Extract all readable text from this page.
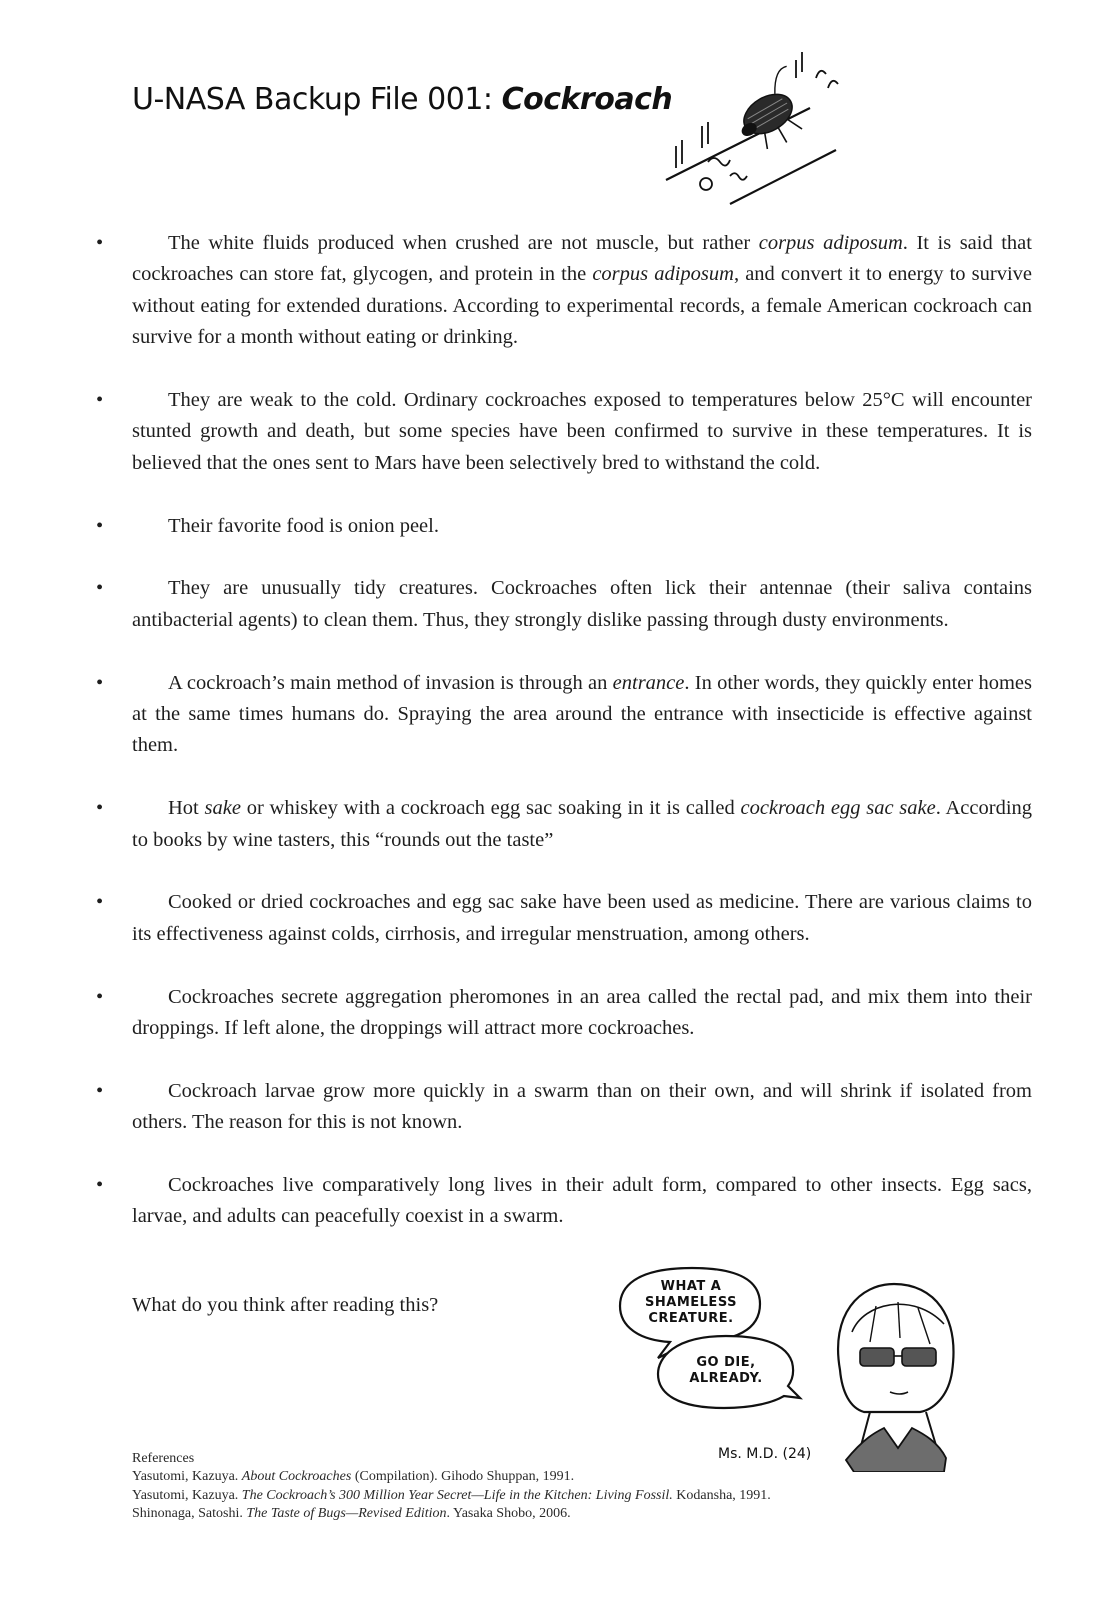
U-NASA Backup File 001: Cockroach
• The white fluids produced when crushed are not muscle, but rather corpus adiposum. It is said that cockroaches can store fat, glycogen, and protein in the corpus adiposum, and convert it to energy to survive without eating for extended durations. According to experimental records, a female American cockroach can survive for a month without eating or drinking.
• They are weak to the cold. Ordinary cockroaches exposed to temperatures below 25°C will encounter stunted growth and death, but some species have been confirmed to survive in these temperatures. It is believed that the ones sent to Mars have been selectively bred to withstand the cold.
• Their favorite food is onion peel.
• They are unusually tidy creatures. Cockroaches often lick their antennae (their saliva contains antibacterial agents) to clean them. Thus, they strongly dislike passing through dusty environments.
• A cockroach’s main method of invasion is through an entrance. In other words, they quickly enter homes at the same times humans do. Spraying the area around the entrance with insecticide is effective against them.
• Hot sake or whiskey with a cockroach egg sac soaking in it is called cockroach egg sac sake. According to books by wine tasters, this “rounds out the taste”
• Cooked or dried cockroaches and egg sac sake have been used as medicine. There are various claims to its effectiveness against colds, cirrhosis, and irregular menstruation, among others.
• Cockroaches secrete aggregation pheromones in an area called the rectal pad, and mix them into their droppings. If left alone, the droppings will attract more cockroaches.
• Cockroach larvae grow more quickly in a swarm than on their own, and will shrink if isolated from others. The reason for this is not known.
• Cockroaches live comparatively long lives in their adult form, compared to other insects. Egg sacs, larvae, and adults can peacefully coexist in a swarm.

What do you think after reading this?

WHAT A
SHAMELESS
CREATURE.
GO DIE,
ALREADY.
Ms. M.D. (24)

References

Yasutomi, Kazuya. About Cockroaches (Compilation). Gihodo Shuppan, 1991.

Yasutomi, Kazuya. The Cockroach’s 300 Million Year Secret—Life in the Kitchen: Living Fossil. Kodansha, 1991.

Shinonaga, Satoshi. The Taste of Bugs—Revised Edition. Yasaka Shobo, 2006.
